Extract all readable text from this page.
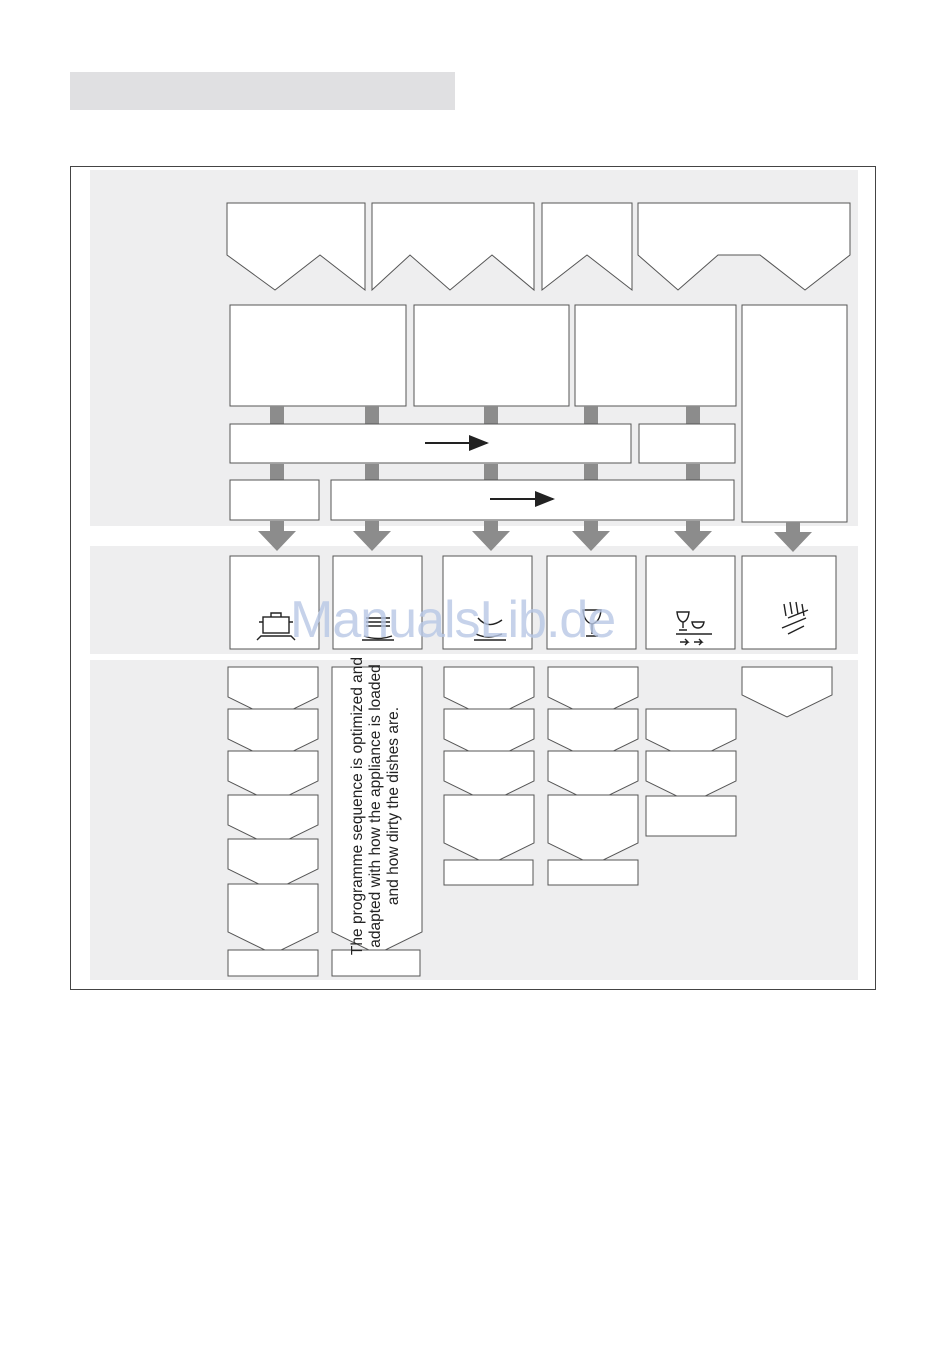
The programme sequence is optimized and adapted with how the appliance is loaded and how dirty the dishes are.
ManualsLib.de
